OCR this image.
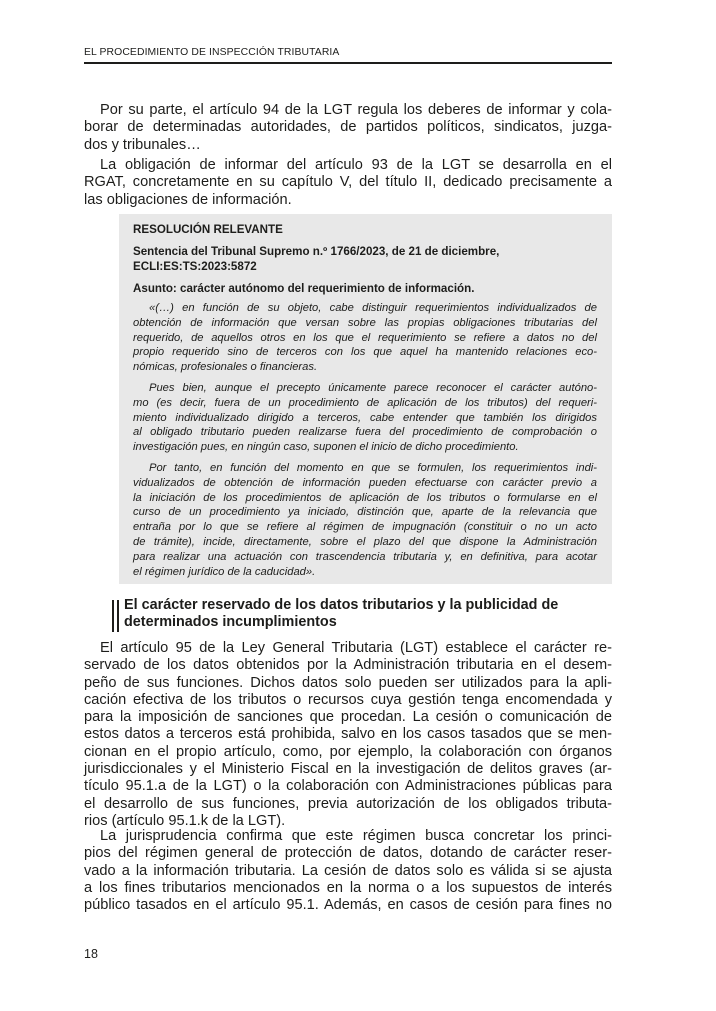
EL PROCEDIMIENTO DE INSPECCIÓN TRIBUTARIA
Por su parte, el artículo 94 de la LGT regula los deberes de informar y cola-
borar de determinadas autoridades, de partidos políticos, sindicatos, juzga-
dos y tribunales…
La obligación de informar del artículo 93 de la LGT se desarrolla en el
RGAT, concretamente en su capítulo V, del título II, dedicado precisamente a
las obligaciones de información.
RESOLUCIÓN RELEVANTE
Sentencia del Tribunal Supremo n.º 1766/2023, de 21 de diciembre,
ECLI:ES:TS:2023:5872
Asunto: carácter autónomo del requerimiento de información.
«(…) en función de su objeto, cabe distinguir requerimientos individualizados de
obtención de información que versan sobre las propias obligaciones tributarias del
requerido, de aquellos otros en los que el requerimiento se refiere a datos no del
propio requerido sino de terceros con los que aquel ha mantenido relaciones eco-
nómicas, profesionales o financieras.
Pues bien, aunque el precepto únicamente parece reconocer el carácter autóno-
mo (es decir, fuera de un procedimiento de aplicación de los tributos) del requeri-
miento individualizado dirigido a terceros, cabe entender que también los dirigidos
al obligado tributario pueden realizarse fuera del procedimiento de comprobación o
investigación pues, en ningún caso, suponen el inicio de dicho procedimiento.
Por tanto, en función del momento en que se formulen, los requerimientos indi-
vidualizados de obtención de información pueden efectuarse con carácter previo a
la iniciación de los procedimientos de aplicación de los tributos o formularse en el
curso de un procedimiento ya iniciado, distinción que, aparte de la relevancia que
entraña por lo que se refiere al régimen de impugnación (constituir o no un acto
de trámite), incide, directamente, sobre el plazo del que dispone la Administración
para realizar una actuación con trascendencia tributaria y, en definitiva, para acotar
el régimen jurídico de la caducidad».
El carácter reservado de los datos tributarios y la publicidad de
determinados incumplimientos
El artículo 95 de la Ley General Tributaria (LGT) establece el carácter re-
servado de los datos obtenidos por la Administración tributaria en el desem-
peño de sus funciones. Dichos datos solo pueden ser utilizados para la apli-
cación efectiva de los tributos o recursos cuya gestión tenga encomendada y
para la imposición de sanciones que procedan. La cesión o comunicación de
estos datos a terceros está prohibida, salvo en los casos tasados que se men-
cionan en el propio artículo, como, por ejemplo, la colaboración con órganos
jurisdiccionales y el Ministerio Fiscal en la investigación de delitos graves (ar-
tículo 95.1.a de la LGT) o la colaboración con Administraciones públicas para
el desarrollo de sus funciones, previa autorización de los obligados tributa-
rios (artículo 95.1.k de la LGT).
La jurisprudencia confirma que este régimen busca concretar los princi-
pios del régimen general de protección de datos, dotando de carácter reser-
vado a la información tributaria. La cesión de datos solo es válida si se ajusta
a los fines tributarios mencionados en la norma o a los supuestos de interés
público tasados en el artículo 95.1. Además, en casos de cesión para fines no
18
